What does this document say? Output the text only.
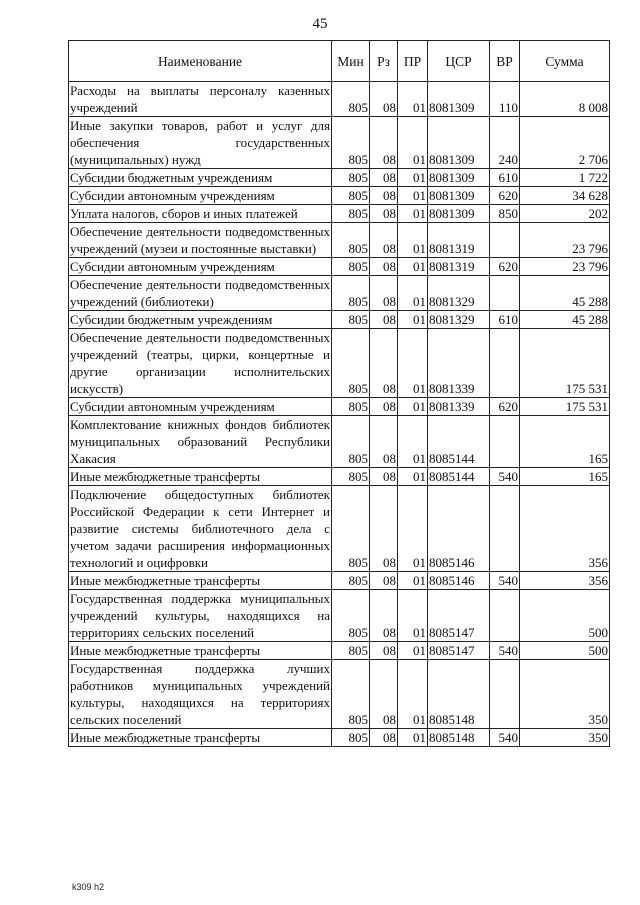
45
Наименование	Мин	Рз	ПР	ЦСР	ВР	Сумма
Расходы на выплаты персоналу казенных учреждений	805	08	01	8081309	110	8 008
Иные закупки товаров, работ и услуг для обеспечения государственных (муниципальных) нужд	805	08	01	8081309	240	2 706
Субсидии бюджетным учреждениям	805	08	01	8081309	610	1 722
Субсидии автономным учреждениям	805	08	01	8081309	620	34 628
Уплата налогов, сборов и иных платежей	805	08	01	8081309	850	202
Обеспечение деятельности подведомственных учреждений (музеи и постоянные выставки)	805	08	01	8081319		23 796
Субсидии автономным учреждениям	805	08	01	8081319	620	23 796
Обеспечение деятельности подведомственных учреждений (библиотеки)	805	08	01	8081329		45 288
Субсидии бюджетным учреждениям	805	08	01	8081329	610	45 288
Обеспечение деятельности подведомственных учреждений (театры, цирки, концертные и другие организации исполнительских искусств)	805	08	01	8081339		175 531
Субсидии автономным учреждениям	805	08	01	8081339	620	175 531
Комплектование книжных фондов библиотек муниципальных образований Республики Хакасия	805	08	01	8085144		165
Иные межбюджетные трансферты	805	08	01	8085144	540	165
Подключение общедоступных библиотек Российской Федерации к сети Интернет и развитие системы библиотечного дела с учетом задачи расширения информационных технологий и оцифровки	805	08	01	8085146		356
Иные межбюджетные трансферты	805	08	01	8085146	540	356
Государственная поддержка муниципальных учреждений культуры, находящихся на территориях сельских поселений	805	08	01	8085147		500
Иные межбюджетные трансферты	805	08	01	8085147	540	500
Государственная поддержка лучших работников муниципальных учреждений культуры, находящихся на территориях сельских поселений	805	08	01	8085148		350
Иные межбюджетные трансферты	805	08	01	8085148	540	350
k309 h2
